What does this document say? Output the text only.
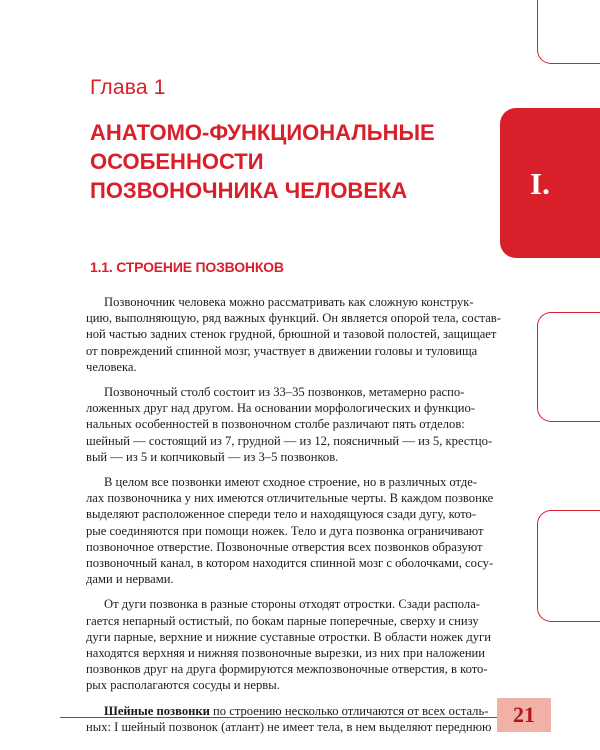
I.
Глава 1
АНАТОМО-ФУНКЦИОНАЛЬНЫЕ
ОСОБЕННОСТИ
ПОЗВОНОЧНИКА ЧЕЛОВЕКА
1.1. СТРОЕНИЕ ПОЗВОНКОВ

Позвоночник человека можно рассматривать как сложную конструк-
цию, выполняющую, ряд важных функций. Он является опорой тела, состав-
ной частью задних стенок грудной, брюшной и тазовой полостей, защищает
от повреждений спинной мозг, участвует в движении головы и туловища
человека.

Позвоночный столб состоит из 33–35 позвонков, метамерно распо-
ложенных друг над другом. На основании морфологических и функцио-
нальных особенностей в позвоночном столбе различают пять отделов:
шейный — состоящий из 7, грудной — из 12, поясничный — из 5, крестцо-
вый — из 5 и копчиковый — из 3–5 позвонков.

В целом все позвонки имеют сходное строение, но в различных отде-
лах позвоночника у них имеются отличительные черты. В каждом позвонке
выделяют расположенное спереди тело и находящуюся сзади дугу, кото-
рые соединяются при помощи ножек. Тело и дуга позвонка ограничивают
позвоночное отверстие. Позвоночные отверстия всех позвонков образуют
позвоночный канал, в котором находится спинной мозг с оболочками, сосу-
дами и нервами.

От дуги позвонка в разные стороны отходят отростки. Сзади распола-
гается непарный остистый, по бокам парные поперечные, сверху и снизу
дуги парные, верхние и нижние суставные отростки. В области ножек дуги
находятся верхняя и нижняя позвоночные вырезки, из них при наложении
позвонков друг на друга формируются межпозвоночные отверстия, в кото-
рых располагаются сосуды и нервы.

Шейные позвонки по строению несколько отличаются от всех осталь-
ных: I шейный позвонок (атлант) не имеет тела, в нем выделяют переднюю 21
